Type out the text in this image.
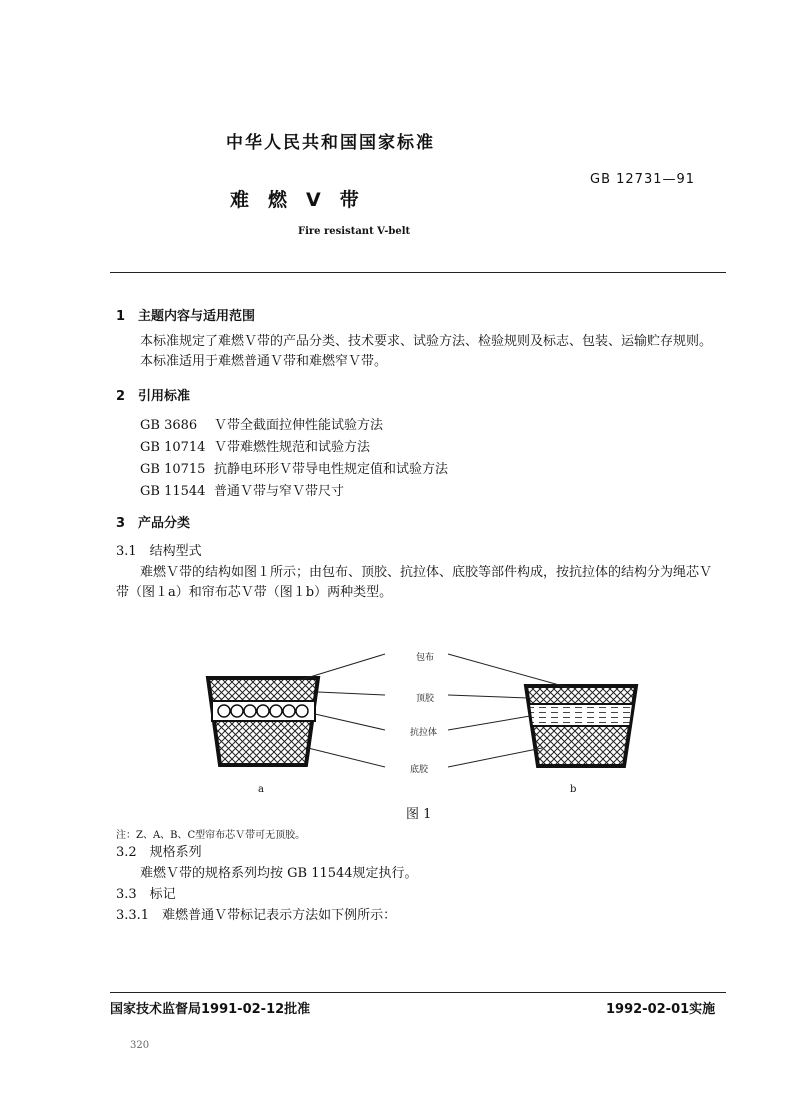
中华人民共和国国家标准
难　燃　V　带
GB 12731—91
Fire resistant V-belt
1　主题内容与适用范围
本标准规定了难燃Ｖ带的产品分类、技术要求、试验方法、检验规则及标志、包装、运输贮存规则。
本标准适用于难燃普通Ｖ带和难燃窄Ｖ带。
2　引用标准
GB 3686 Ｖ带全截面拉伸性能试验方法
GB 10714 Ｖ带难燃性规范和试验方法
GB 10715 抗静电环形Ｖ带导电性规定值和试验方法
GB 11544 普通Ｖ带与窄Ｖ带尺寸
3　产品分类
3.1　结构型式
难燃Ｖ带的结构如图１所示；由包布、顶胶、抗拉体、底胶等部件构成，按抗拉体的结构分为绳芯Ｖ
带（图１a）和帘布芯Ｖ带（图１b）两种类型。
包布
顶胶
抗拉体
底胶
a	b
图 1
注：Z、A、B、C型帘布芯Ｖ带可无顶胶。
3.2　规格系列
难燃Ｖ带的规格系列均按 GB 11544规定执行。
3.3　标记
3.3.1　难燃普通Ｖ带标记表示方法如下例所示：
国家技术监督局1991-02-12批准	1992-02-01实施
320
